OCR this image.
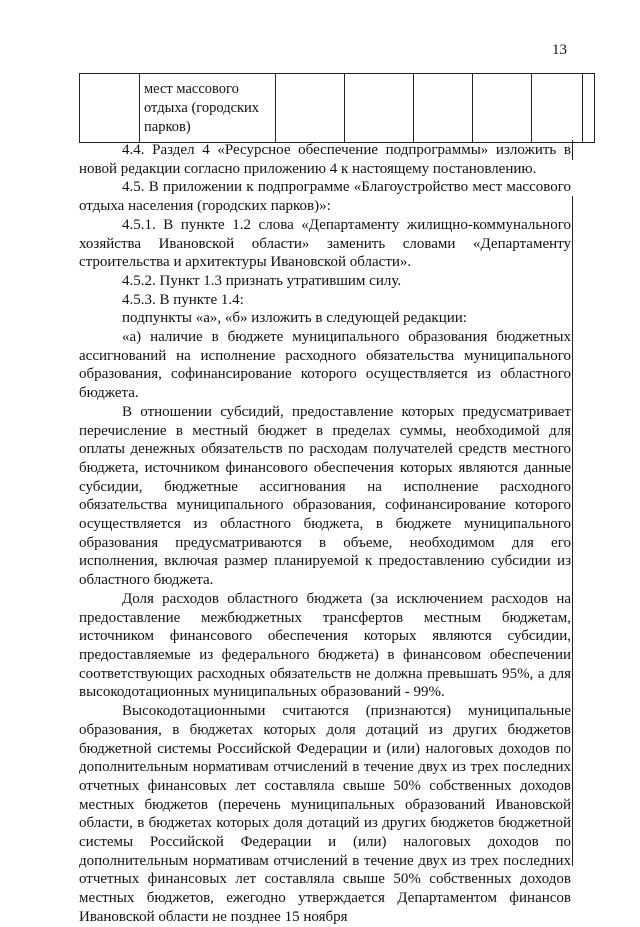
13
	мест массового отдыха (городских парков)						

4.4. Раздел 4 «Ресурсное обеспечение подпрограммы» изложить в новой редакции согласно приложению 4 к настоящему постановлению.

4.5. В приложении к подпрограмме «Благоустройство мест массового отдыха населения (городских парков)»:

4.5.1. В пункте 1.2 слова «Департаменту жилищно-коммунального хозяйства Ивановской области» заменить словами «Департаменту строительства и архитектуры Ивановской области».

4.5.2. Пункт 1.3 признать утратившим силу.

4.5.3. В пункте 1.4:

подпункты «а», «б» изложить в следующей редакции:

«а) наличие в бюджете муниципального образования бюджетных ассигнований на исполнение расходного обязательства муниципального образования, софинансирование которого осуществляется из областного бюджета.

В отношении субсидий, предоставление которых предусматривает перечисление в местный бюджет в пределах суммы, необходимой для оплаты денежных обязательств по расходам получателей средств местного бюджета, источником финансового обеспечения которых являются данные субсидии, бюджетные ассигнования на исполнение расходного обязательства муниципального образования, софинансирование которого осуществляется из областного бюджета, в бюджете муниципального образования предусматриваются в объеме, необходимом для его исполнения, включая размер планируемой к предоставлению субсидии из областного бюджета.

Доля расходов областного бюджета (за исключением расходов на предоставление межбюджетных трансфертов местным бюджетам, источником финансового обеспечения которых являются субсидии, предоставляемые из федерального бюджета) в финансовом обеспечении соответствующих расходных обязательств не должна превышать 95%, а для высокодотационных муниципальных образований - 99%.

Высокодотационными считаются (признаются) муниципальные образования, в бюджетах которых доля дотаций из других бюджетов бюджетной системы Российской Федерации и (или) налоговых доходов по дополнительным нормативам отчислений в течение двух из трех последних отчетных финансовых лет составляла свыше 50% собственных доходов местных бюджетов (перечень муниципальных образований Ивановской области, в бюджетах которых доля дотаций из других бюджетов бюджетной системы Российской Федерации и (или) налоговых доходов по дополнительным нормативам отчислений в течение двух из трех последних отчетных финансовых лет составляла свыше 50% собственных доходов местных бюджетов, ежегодно утверждается Департаментом финансов Ивановской области не позднее 15 ноября
